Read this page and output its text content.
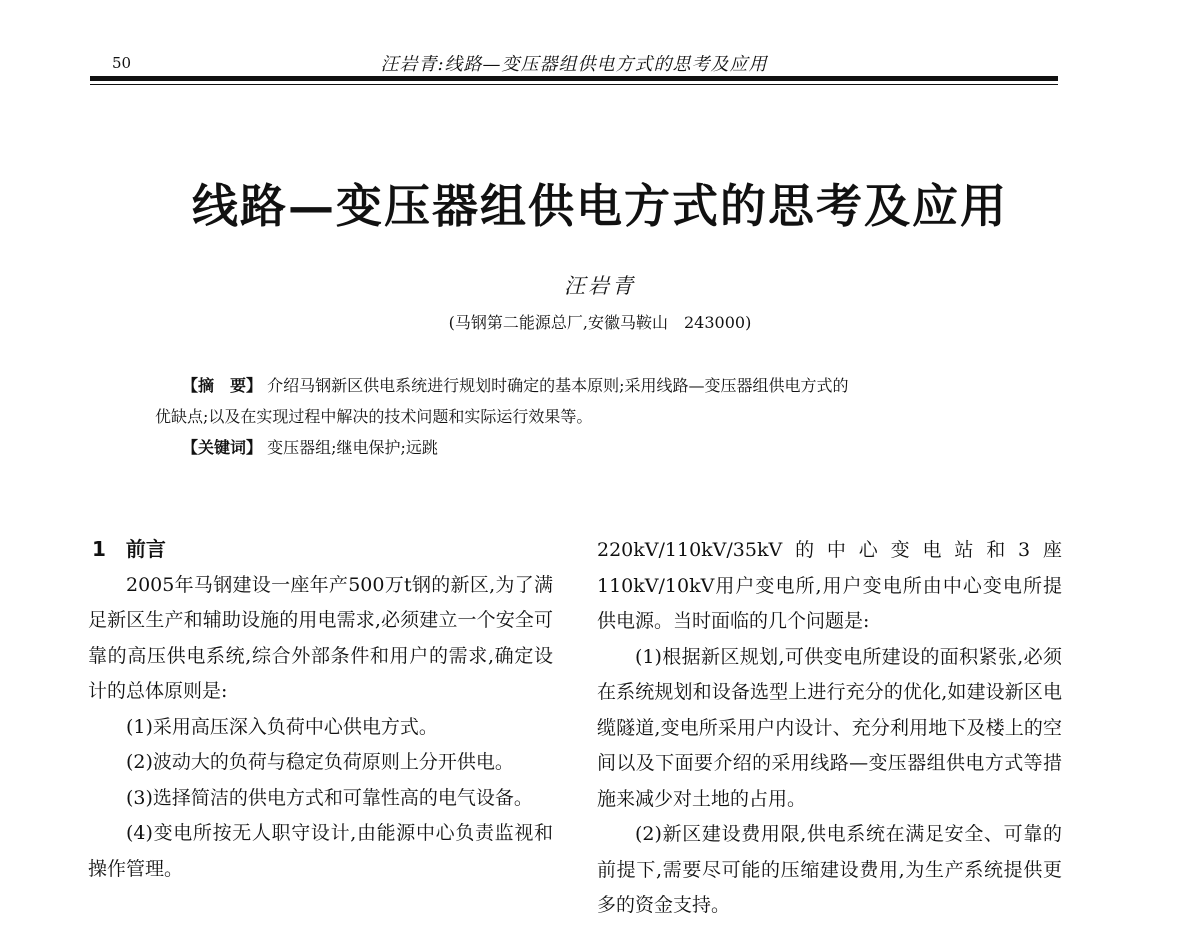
50	汪岩青:线路—变压器组供电方式的思考及应用
线路—变压器组供电方式的思考及应用
汪岩青
(马钢第二能源总厂,安徽马鞍山　243000)

【摘　要】 介绍马钢新区供电系统进行规划时确定的基本原则;采用线路—变压器组供电方式的

优缺点;以及在实现过程中解决的技术问题和实际运行效果等。

【关键词】 变压器组;继电保护;远跳

1 前言

2005年马钢建设一座年产500万t钢的新区,为了满足新区生产和辅助设施的用电需求,必须建立一个安全可靠的高压供电系统,综合外部条件和用户的需求,确定设计的总体原则是:

(1)采用高压深入负荷中心供电方式。

(2)波动大的负荷与稳定负荷原则上分开供电。

(3)选择简洁的供电方式和可靠性高的电气设备。

(4)变电所按无人职守设计,由能源中心负责监视和操作管理。

220kV/110kV/35kV的中心变电站和3座110kV/10kV用户变电所,用户变电所由中心变电所提供电源。当时面临的几个问题是:

(1)根据新区规划,可供变电所建设的面积紧张,必须在系统规划和设备选型上进行充分的优化,如建设新区电缆隧道,变电所采用户内设计、充分利用地下及楼上的空间以及下面要介绍的采用线路—变压器组供电方式等措施来减少对土地的占用。

(2)新区建设费用限,供电系统在满足安全、可靠的前提下,需要尽可能的压缩建设费用,为生产系统提供更多的资金支持。
